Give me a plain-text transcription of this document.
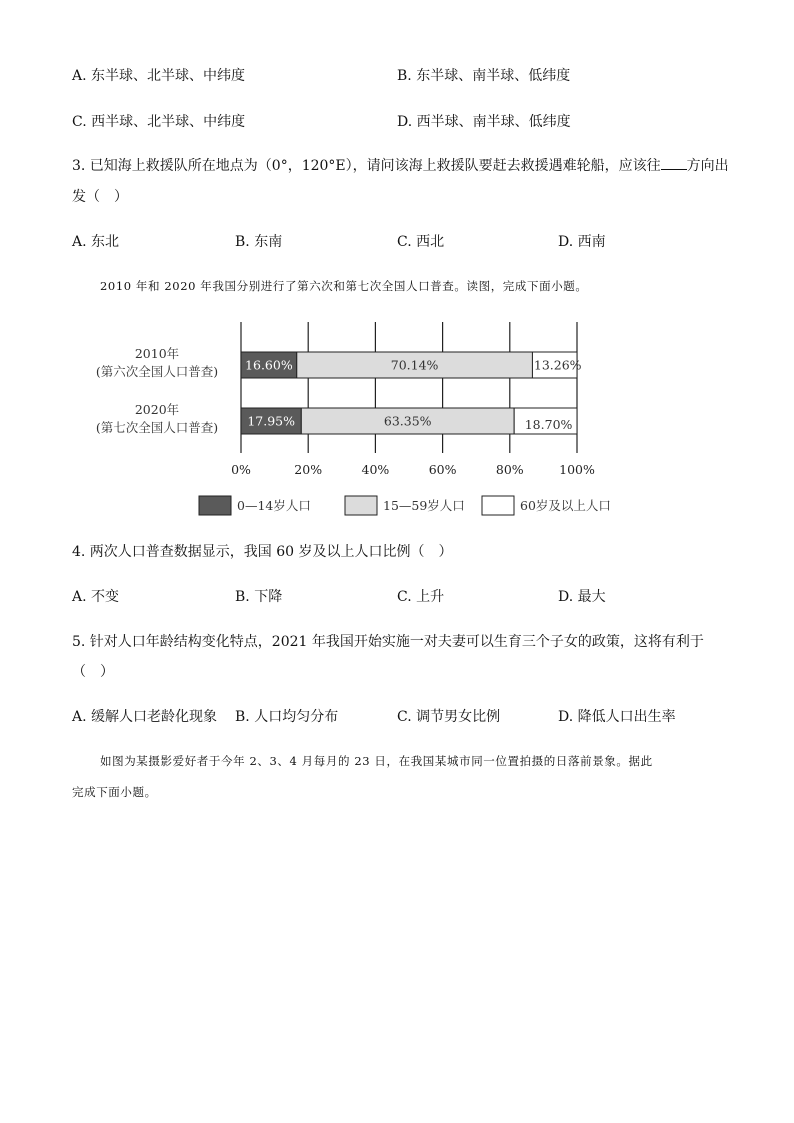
A. 东半球、北半球、中纬度	B. 东半球、南半球、低纬度
C. 西半球、北半球、中纬度	D. 西半球、南半球、低纬度
3. 已知海上救援队所在地点为（0°，120°E），请问该海上救援队要赶去救援遇难轮船，应该往 方向出
发（　）
A. 东北	B. 东南	C. 西北	D. 西南
2010 年和 2020 年我国分别进行了第六次和第七次全国人口普查。读图，完成下面小题。
0%	20%	40%	60%	80%	100%
2010年
(第六次全国人口普查) 16.60%	70.14%	13.26%
2020年
(第七次全国人口普查) 17.95%	63.35%	18.70%
0—14岁人口	15—59岁人口	60岁及以上人口
4. 两次人口普查数据显示，我国 60 岁及以上人口比例（　）
A. 不变	B. 下降	C. 上升	D. 最大
5. 针对人口年龄结构变化特点，2021 年我国开始实施一对夫妻可以生育三个子女的政策，这将有利于
（　）
A. 缓解人口老龄化现象 B. 人口均匀分布	C. 调节男女比例	D. 降低人口出生率
如图为某摄影爱好者于今年 2、3、4 月每月的 23 日，在我国某城市同一位置拍摄的日落前景象。据此
完成下面小题。
